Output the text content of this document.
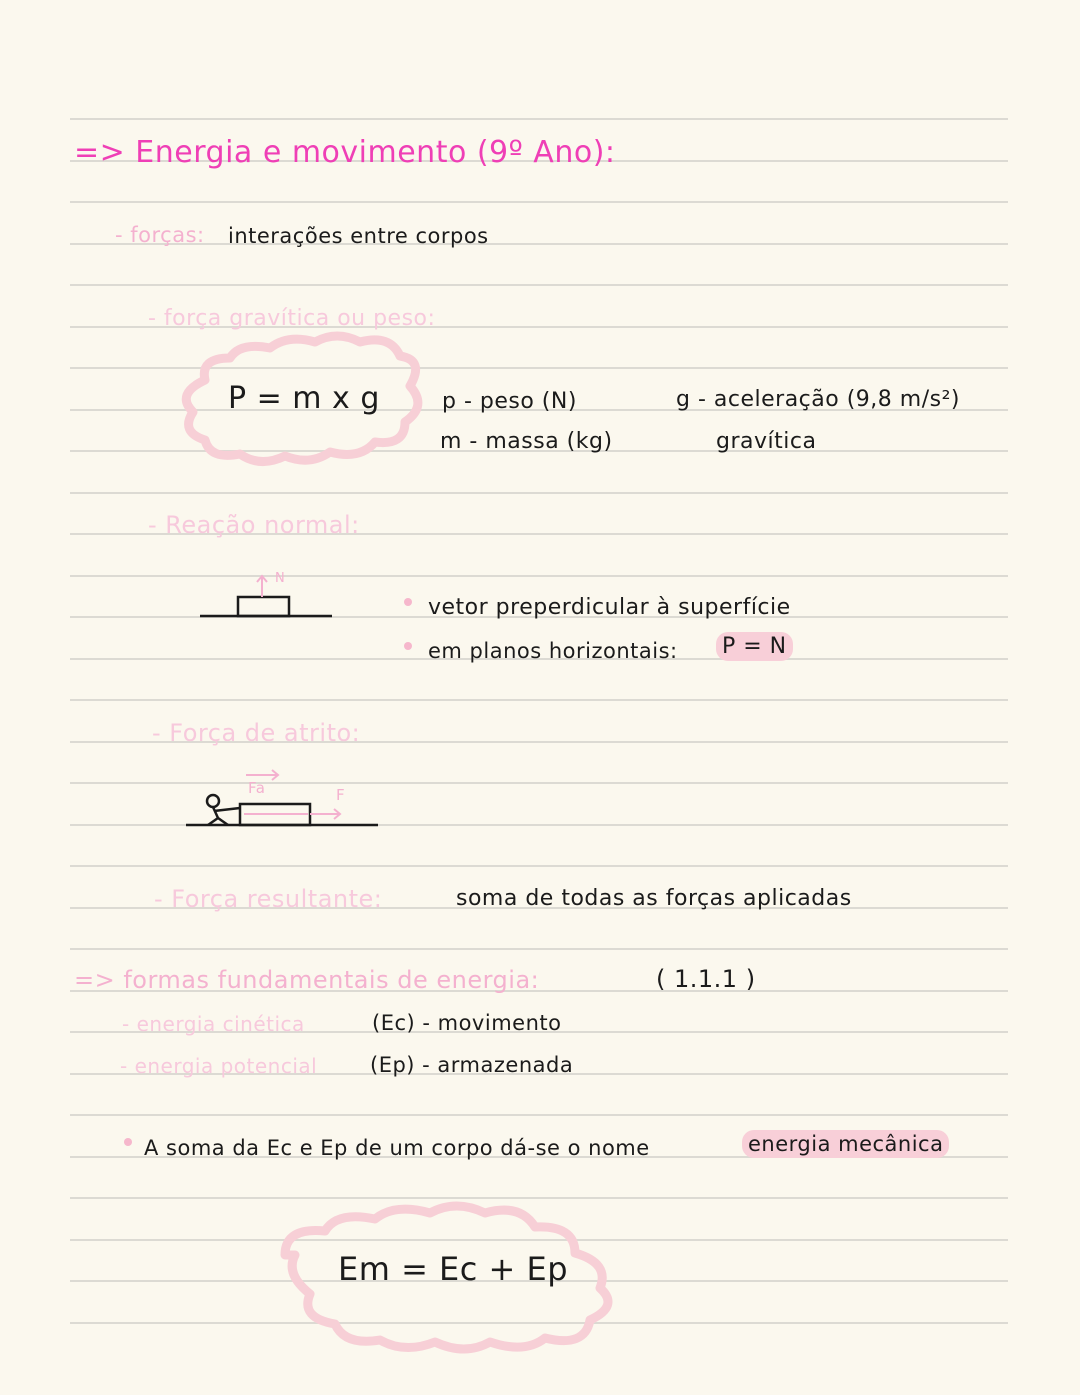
=> Energia e movimento (9º Ano):
- forças: interações entre corpos
- força gravítica ou peso:
P = m x g	p - peso (N)
m - massa (kg)
g - aceleração (9,8 m/s²)
gravítica
- Reação normal:
N
vetor preperdicular à superfície
em planos horizontais: P = N
- Força de atrito:
Fa	F
- Força resultante:	soma de todas as forças aplicadas
=> formas fundamentais de energia:	( 1.1.1 )
- energia cinética	(Ec) - movimento
- energia potencial	(Ep) - armazenada
A soma da Ec e Ep de um corpo dá-se o nome	energia mecânica
Em = Ec + Ep
